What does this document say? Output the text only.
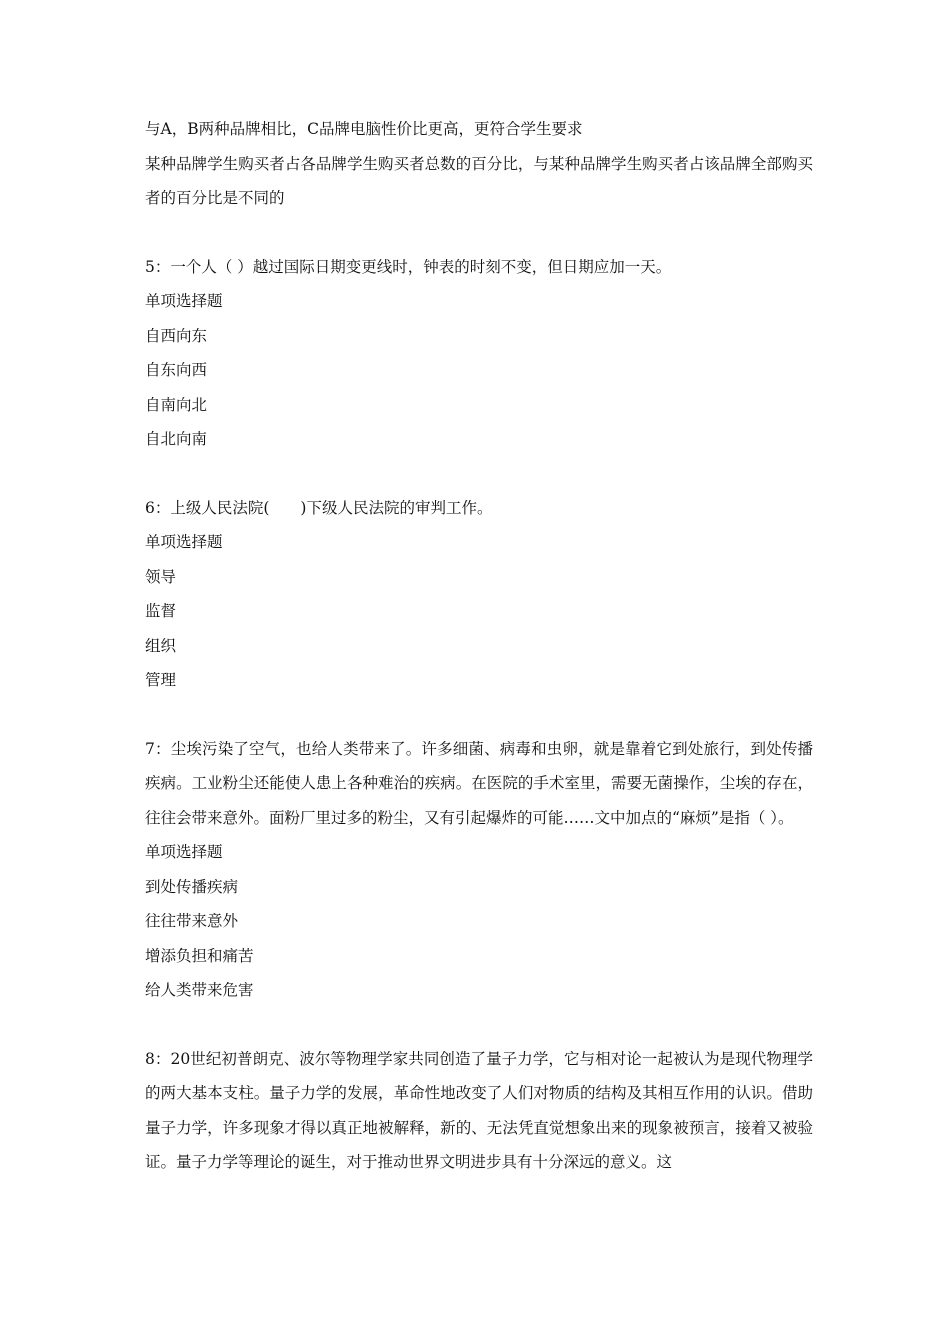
与A，B两种品牌相比，C品牌电脑性价比更高，更符合学生要求
某种品牌学生购买者占各品牌学生购买者总数的百分比，与某种品牌学生购买者占该品牌全部购买者的百分比是不同的
5：一个人（ ）越过国际日期变更线时，钟表的时刻不变，但日期应加一天。
单项选择题
自西向东
自东向西
自南向北
自北向南
6：上级人民法院(　　)下级人民法院的审判工作。
单项选择题
领导
监督
组织
管理
7：尘埃污染了空气，也给人类带来了。许多细菌、病毒和虫卵，就是靠着它到处旅行，到处传播疾病。工业粉尘还能使人患上各种难治的疾病。在医院的手术室里，需要无菌操作，尘埃的存在，往往会带来意外。面粉厂里过多的粉尘，又有引起爆炸的可能……文中加点的“麻烦”是指（ ）。
单项选择题
到处传播疾病
往往带来意外
增添负担和痛苦
给人类带来危害
8：20世纪初普朗克、波尔等物理学家共同创造了量子力学，它与相对论一起被认为是现代物理学的两大基本支柱。量子力学的发展，革命性地改变了人们对物质的结构及其相互作用的认识。借助量子力学，许多现象才得以真正地被解释，新的、无法凭直觉想象出来的现象被预言，接着又被验证。量子力学等理论的诞生，对于推动世界文明进步具有十分深远的意义。这
